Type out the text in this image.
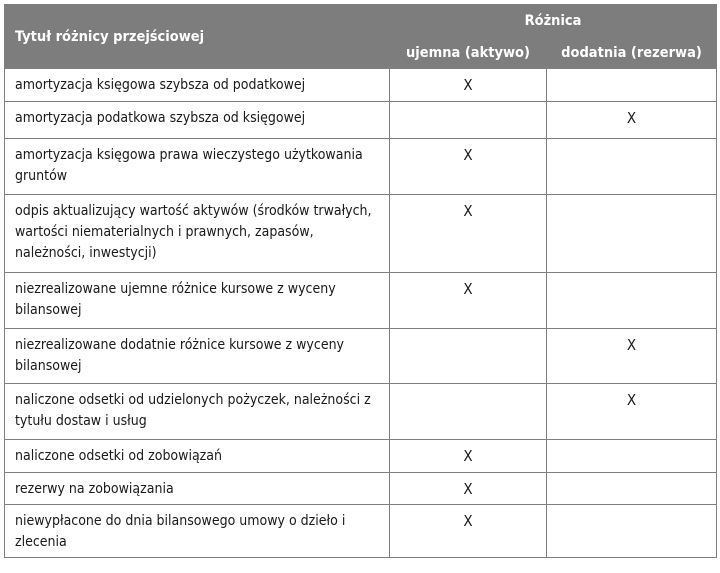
Tytuł różnicy przejściowej	Różnica	
	ujemna (aktywo)	dodatnia (rezerwa)
amortyzacja księgowa szybsza od podatkowej	X	
amortyzacja podatkowa szybsza od księgowej		X
amortyzacja księgowa prawa wieczystego użytkowania gruntów	X	
odpis aktualizujący wartość aktywów (środków trwałych, wartości niematerialnych i prawnych, zapasów, należności, inwestycji)	X	
niezrealizowane ujemne różnice kursowe z wyceny bilansowej	X	
niezrealizowane dodatnie różnice kursowe z wyceny bilansowej		X
naliczone odsetki od udzielonych pożyczek, należności z tytułu dostaw i usług		X
naliczone odsetki od zobowiązań	X	
rezerwy na zobowiązania	X	
niewypłacone do dnia bilansowego umowy o dzieło i zlecenia	X	
